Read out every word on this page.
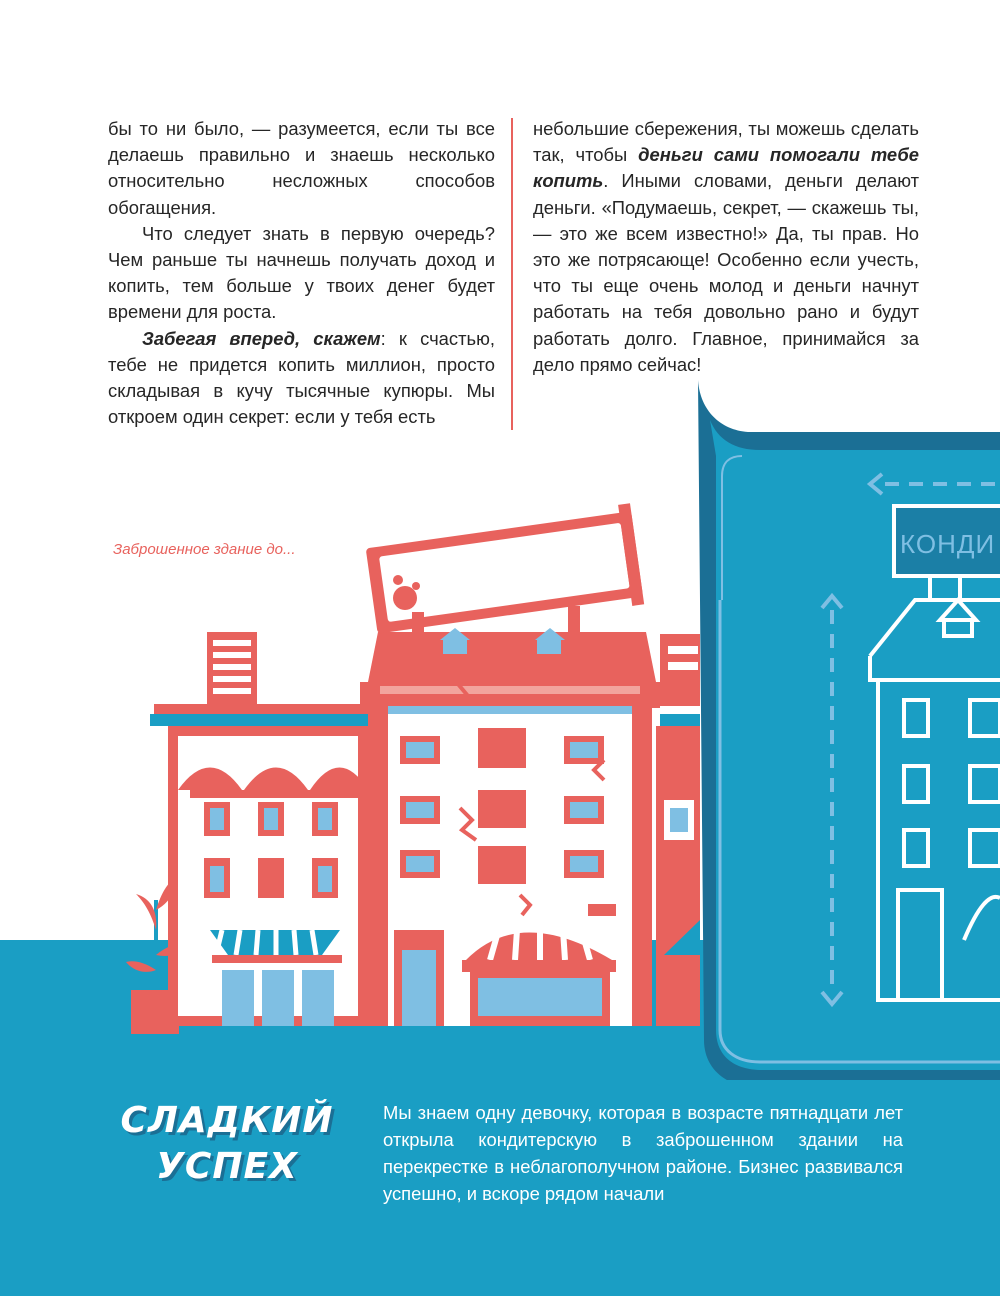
бы то ни было, — разумеется, если ты все делаешь правильно и знаешь несколько относительно несложных способов обогащения.

Что следует знать в первую очередь? Чем раньше ты начнешь получать доход и копить, тем больше у твоих денег будет времени для роста.

Забегая вперед, скажем: к счастью, тебе не придется копить миллион, просто складывая в кучу тысячные купюры. Мы откроем один секрет: если у тебя есть

небольшие сбережения, ты можешь сделать так, чтобы деньги сами помогали тебе копить. Иными словами, деньги делают деньги. «Подумаешь, секрет, — скажешь ты, — это же всем известно!» Да, ты прав. Но это же потрясающе! Особенно если учесть, что ты еще очень молод и деньги начнут работать на тебя довольно рано и будут работать долго. Главное, принимайся за дело прямо сейчас!

Заброшенное здание до...	КОНДИ
СЛАДКИЙ
УСПЕХ
Мы знаем одну девочку, которая в возрасте пятнадцати лет открыла кондитерскую в заброшенном здании на перекрестке в неблагополучном районе. Бизнес развивался успешно, и вскоре рядом начали
